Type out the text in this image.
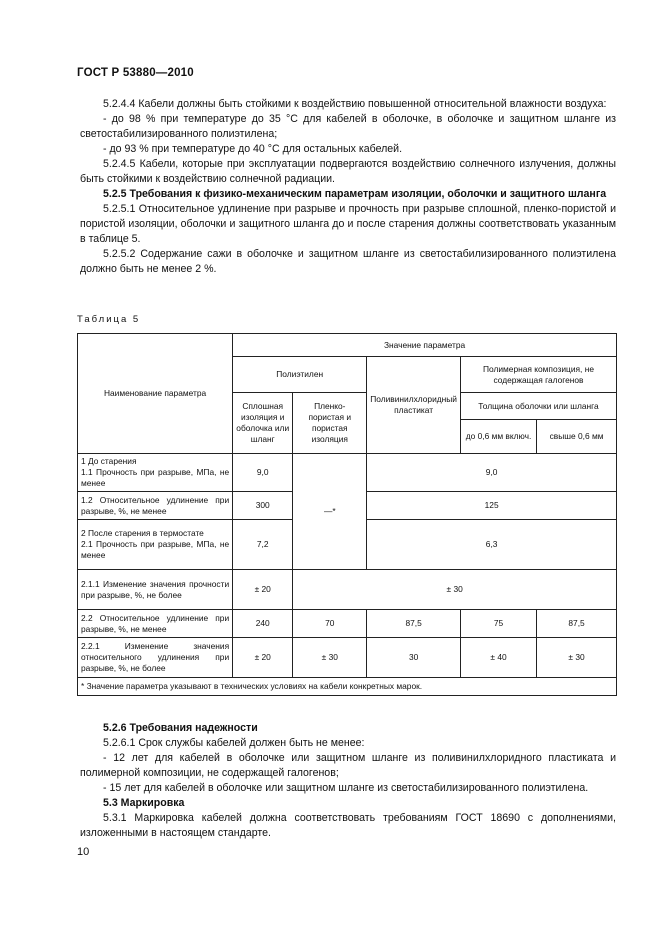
ГОСТ Р 53880—2010

5.2.4.4 Кабели должны быть стойкими к воздействию повышенной относительной влажности воздуха:

- до 98 % при температуре до 35 °С для кабелей в оболочке, в оболочке и защитном шланге из светостабилизированного полиэтилена;

- до 93 % при температуре до 40 °С для остальных кабелей.

5.2.4.5 Кабели, которые при эксплуатации подвергаются воздействию солнечного излучения, должны быть стойкими к воздействию солнечной радиации.

5.2.5 Требования к физико-механическим параметрам изоляции, оболочки и защитного шланга

5.2.5.1 Относительное удлинение при разрыве и прочность при разрыве сплошной, пленко-пористой и пористой изоляции, оболочки и защитного шланга до и после старения должны соответствовать указанным в таблице 5.

5.2.5.2 Содержание сажи в оболочке и защитном шланге из светостабилизированного полиэтилена должно быть не менее 2 %.

Таблица 5
Наименование параметра	Значение параметра				
	Полиэтилен		Поливинилхлоридный пластикат	Полимерная композиция, не содержащая галогенов	
	Сплошная изоляция и оболочка или шланг	Пленко-пористая и пористая изоляция		Толщина оболочки или шланга	
				до 0,6 мм включ.	свыше 0,6 мм
1 До старения
1.1 Прочность при разрыве, МПа, не менее	9,0	—*	9,0		
1.2 Относительное удлинение при разрыве, %, не менее	300		125		
2 После старения в термостате
2.1 Прочность при разрыве, МПа, не менее	7,2		6,3		
2.1.1 Изменение значения прочности при разрыве, %, не более	± 20	± 30			
2.2 Относительное удлинение при разрыве, %, не менее	240	70	87,5	75	87,5
2.2.1 Изменение значения относительного удлинения при разрыве, %, не более	± 20	± 30	30	± 40	± 30
* Значение параметра указывают в технических условиях на кабели конкретных марок.					

5.2.6 Требования надежности

5.2.6.1 Срок службы кабелей должен быть не менее:

- 12 лет для кабелей в оболочке или защитном шланге из поливинилхлоридного пластиката и полимерной композиции, не содержащей галогенов;

- 15 лет для кабелей в оболочке или защитном шланге из светостабилизированного полиэтилена.

5.3 Маркировка

5.3.1 Маркировка кабелей должна соответствовать требованиям ГОСТ 18690 с дополнениями, изложенными в настоящем стандарте.

10
